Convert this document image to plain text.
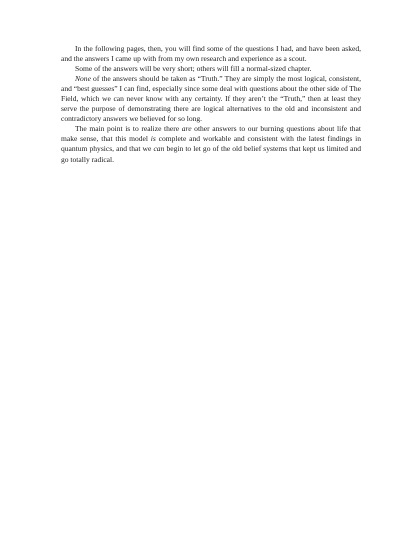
In the following pages, then, you will find some of the questions I had, and have been asked, and the answers I came up with from my own research and experience as a scout.

Some of the answers will be very short; others will fill a normal-sized chapter.

None of the answers should be taken as “Truth.” They are simply the most logical, consistent, and “best guesses” I can find, especially since some deal with questions about the other side of The Field, which we can never know with any certainty. If they aren’t the “Truth,” then at least they serve the purpose of demonstrating there are logical alternatives to the old and inconsistent and contradictory answers we believed for so long.

The main point is to realize there are other answers to our burning questions about life that make sense, that this model is complete and workable and consistent with the latest findings in quantum physics, and that we can begin to let go of the old belief systems that kept us limited and go totally radical.
